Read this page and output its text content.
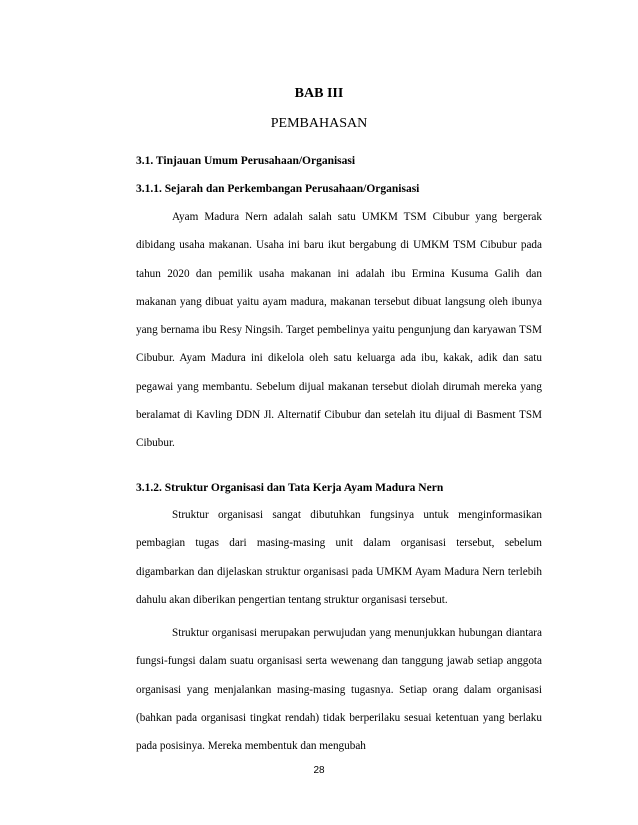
BAB III
PEMBAHASAN
3.1. Tinjauan Umum Perusahaan/Organisasi
3.1.1. Sejarah dan Perkembangan Perusahaan/Organisasi

Ayam Madura Nern adalah salah satu UMKM TSM Cibubur yang bergerak dibidang usaha makanan. Usaha ini baru ikut bergabung di UMKM TSM Cibubur pada tahun 2020 dan pemilik usaha makanan ini adalah ibu Ermina Kusuma Galih dan makanan yang dibuat yaitu ayam madura, makanan tersebut dibuat langsung oleh ibunya yang bernama ibu Resy Ningsih. Target pembelinya yaitu pengunjung dan karyawan TSM Cibubur. Ayam Madura ini dikelola oleh satu keluarga ada ibu, kakak, adik dan satu pegawai yang membantu. Sebelum dijual makanan tersebut diolah dirumah mereka yang beralamat di Kavling DDN Jl. Alternatif Cibubur dan setelah itu dijual di Basment TSM Cibubur.

3.1.2. Struktur Organisasi dan Tata Kerja Ayam Madura Nern

Struktur organisasi sangat dibutuhkan fungsinya untuk menginformasikan pembagian tugas dari masing-masing unit dalam organisasi tersebut, sebelum digambarkan dan dijelaskan struktur organisasi pada UMKM Ayam Madura Nern terlebih dahulu akan diberikan pengertian tentang struktur organisasi tersebut.

Struktur organisasi merupakan perwujudan yang menunjukkan hubungan diantara fungsi-fungsi dalam suatu organisasi serta wewenang dan tanggung jawab setiap anggota organisasi yang menjalankan masing-masing tugasnya. Setiap orang dalam organisasi (bahkan pada organisasi tingkat rendah) tidak berperilaku sesuai ketentuan yang berlaku pada posisinya. Mereka membentuk dan mengubah

28
